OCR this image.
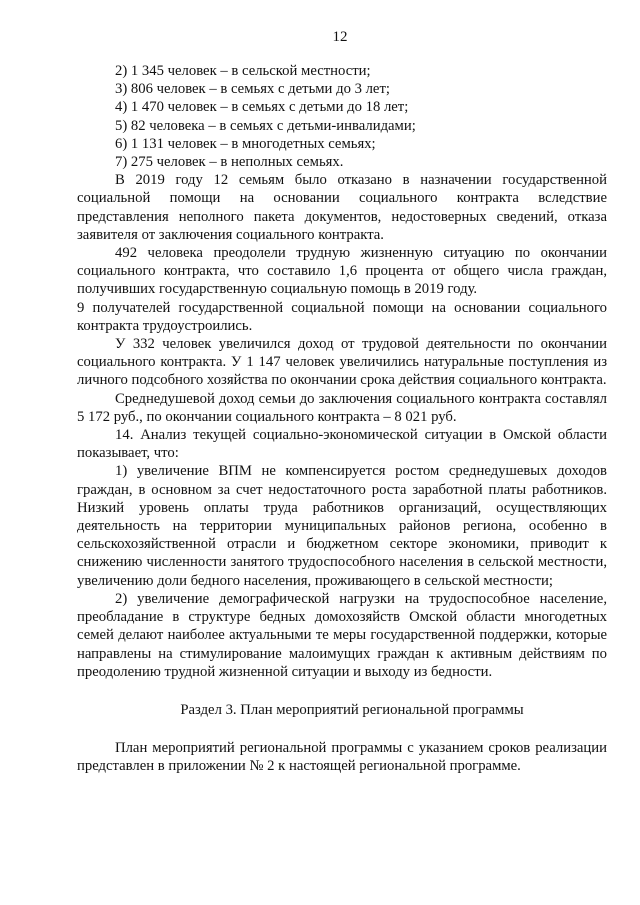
12
2) 1 345 человек – в сельской местности;
3) 806 человек – в семьях с детьми до 3 лет;
4) 1 470 человек – в семьях с детьми до 18 лет;
5) 82 человека – в семьях с детьми-инвалидами;
6) 1 131 человек – в многодетных семьях;
7) 275 человек – в неполных семьях.

В 2019 году 12 семьям было отказано в назначении государственной социальной помощи на основании социального контракта вследствие представления неполного пакета документов, недостоверных сведений, отказа заявителя от заключения социального контракта.

492 человека преодолели трудную жизненную ситуацию по окончании социального контракта, что составило 1,6 процента от общего числа граждан, получивших государственную социальную помощь в 2019 году.

9 получателей государственной социальной помощи на основании социального контракта трудоустроились.

У 332 человек увеличился доход от трудовой деятельности по окончании социального контракта. У 1 147 человек увеличились натуральные поступления из личного подсобного хозяйства по окончании срока действия социального контракта.

Среднедушевой доход семьи до заключения социального контракта составлял 5 172 руб., по окончании социального контракта – 8 021 руб.

14. Анализ текущей социально-экономической ситуации в Омской области показывает, что:

1) увеличение ВПМ не компенсируется ростом среднедушевых доходов граждан, в основном за счет недостаточного роста заработной платы работников. Низкий уровень оплаты труда работников организаций, осуществляющих деятельность на территории муниципальных районов региона, особенно в сельскохозяйственной отрасли и бюджетном секторе экономики, приводит к снижению численности занятого трудоспособного населения в сельской местности, увеличению доли бедного населения, проживающего в сельской местности;

2) увеличение демографической нагрузки на трудоспособное население, преобладание в структуре бедных домохозяйств Омской области многодетных семей делают наиболее актуальными те меры государственной поддержки, которые направлены на стимулирование малоимущих граждан к активным действиям по преодолению трудной жизненной ситуации и выходу из бедности.

Раздел 3. План мероприятий региональной программы

План мероприятий региональной программы с указанием сроков реализации представлен в приложении № 2 к настоящей региональной программе.
